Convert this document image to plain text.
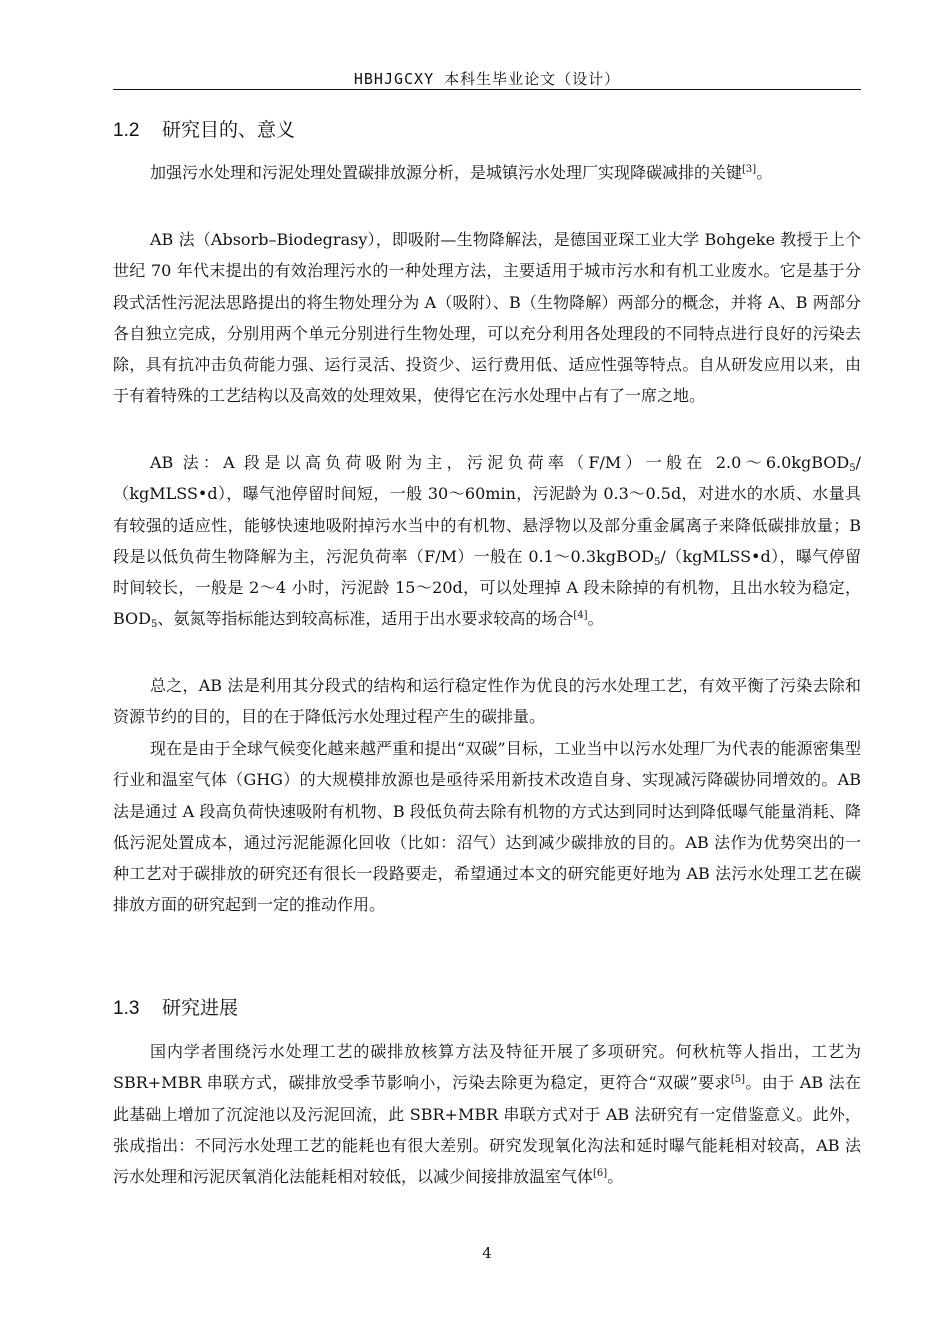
HBHJGCXY 本科生毕业论文（设计）
1.2 研究目的、意义

加强污水处理和污泥处理处置碳排放源分析，是城镇污水处理厂实现降碳减排的关键[3]。

AB 法（Absorb–Biodegrasy），即吸附—生物降解法，是德国亚琛工业大学 Bohgeke 教授于上个世纪 70 年代末提出的有效治理污水的一种处理方法，主要适用于城市污水和有机工业废水。它是基于分段式活性污泥法思路提出的将生物处理分为 A（吸附）、B（生物降解）两部分的概念，并将 A、B 两部分各自独立完成，分别用两个单元分别进行生物处理，可以充分利用各处理段的不同特点进行良好的污染去除，具有抗冲击负荷能力强、运行灵活、投资少、运行费用低、适应性强等特点。自从研发应用以来，由于有着特殊的工艺结构以及高效的处理效果，使得它在污水处理中占有了一席之地。

AB 法：A 段是以高负荷吸附为主，污泥负荷率（F/M）一般在 2.0～6.0kgBOD$_5$/（kgMLSS•d），曝气池停留时间短，一般 30～60min，污泥龄为 0.3～0.5d，对进水的水质、水量具有较强的适应性，能够快速地吸附掉污水当中的有机物、悬浮物以及部分重金属离子来降低碳排放量；B 段是以低负荷生物降解为主，污泥负荷率（F/M）一般在 0.1～0.3kgBOD$_5$/（kgMLSS•d），曝气停留时间较长，一般是 2～4 小时，污泥龄 15～20d，可以处理掉 A 段未除掉的有机物，且出水较为稳定，$BOD_5$、氨氮等指标能达到较高标准，适用于出水要求较高的场合[4]。

总之，AB 法是利用其分段式的结构和运行稳定性作为优良的污水处理工艺，有效平衡了污染去除和资源节约的目的，目的在于降低污水处理过程产生的碳排量。

现在是由于全球气候变化越来越严重和提出“双碳”目标，工业当中以污水处理厂为代表的能源密集型行业和温室气体（GHG）的大规模排放源也是亟待采用新技术改造自身、实现减污降碳协同增效的。AB 法是通过 A 段高负荷快速吸附有机物、B 段低负荷去除有机物的方式达到同时达到降低曝气能量消耗、降低污泥处置成本，通过污泥能源化回收（比如：沼气）达到减少碳排放的目的。AB 法作为优势突出的一种工艺对于碳排放的研究还有很长一段路要走，希望通过本文的研究能更好地为 AB 法污水处理工艺在碳排放方面的研究起到一定的推动作用。

1.3 研究进展

国内学者围绕污水处理工艺的碳排放核算方法及特征开展了多项研究。何秋杭等人指出，工艺为 SBR+MBR 串联方式，碳排放受季节影响小，污染去除更为稳定，更符合“双碳”要求[5]。由于 AB 法在此基础上增加了沉淀池以及污泥回流，此 SBR+MBR 串联方式对于 AB 法研究有一定借鉴意义。此外，张成指出：不同污水处理工艺的能耗也有很大差别。研究发现氧化沟法和延时曝气能耗相对较高，AB 法污水处理和污泥厌氧消化法能耗相对较低，以减少间接排放温室气体[6]。

4
